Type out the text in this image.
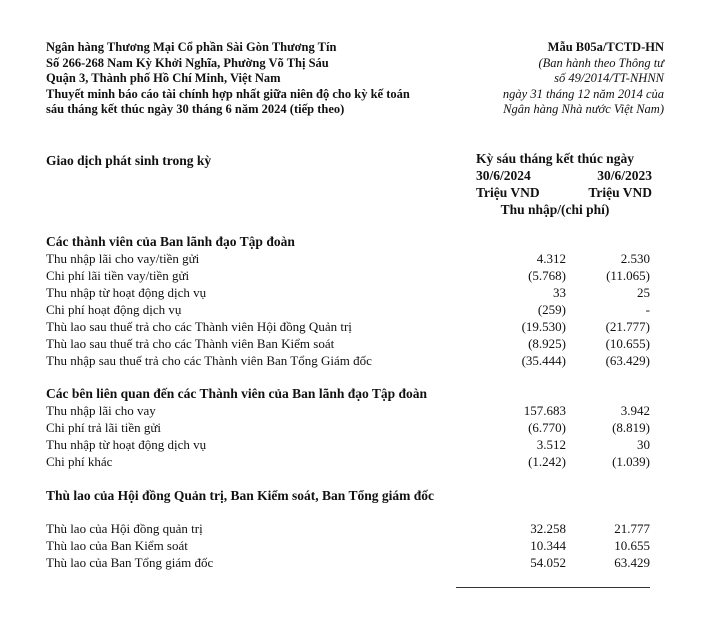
Ngân hàng Thương Mại Cổ phần Sài Gòn Thương Tín
Số 266-268 Nam Kỳ Khởi Nghĩa, Phường Võ Thị Sáu
Quận 3, Thành phố Hồ Chí Minh, Việt Nam
Thuyết minh báo cáo tài chính hợp nhất giữa niên độ cho kỳ kế toán
sáu tháng kết thúc ngày 30 tháng 6 năm 2024 (tiếp theo)
Mẫu B05a/TCTD-HN
(Ban hành theo Thông tư
số 49/2014/TT-NHNN
ngày 31 tháng 12 năm 2014 của
Ngân hàng Nhà nước Việt Nam)
Giao dịch phát sinh trong kỳ	Kỳ sáu tháng kết thúc ngày
30/6/2024	30/6/2023
Triệu VND	Triệu VND
Thu nhập/(chi phí)
Các thành viên của Ban lãnh đạo Tập đoàn
Thu nhập lãi cho vay/tiền gửi	4.312	2.530
Chi phí lãi tiền vay/tiền gửi	(5.768)	(11.065)
Thu nhập từ hoạt động dịch vụ	33	25
Chi phí hoạt động dịch vụ	(259)	-
Thù lao sau thuế trả cho các Thành viên Hội đồng Quản trị	(19.530)	(21.777)
Thù lao sau thuế trả cho các Thành viên Ban Kiểm soát	(8.925)	(10.655)
Thu nhập sau thuế trả cho các Thành viên Ban Tổng Giám đốc	(35.444)	(63.429)
Các bên liên quan đến các Thành viên của Ban lãnh đạo Tập đoàn
Thu nhập lãi cho vay	157.683	3.942
Chi phí trả lãi tiền gửi	(6.770)	(8.819)
Thu nhập từ hoạt động dịch vụ	3.512	30
Chi phí khác	(1.242)	(1.039)
Thù lao của Hội đồng Quản trị, Ban Kiểm soát, Ban Tổng giám đốc
Thù lao của Hội đồng quản trị	32.258	21.777
Thù lao của Ban Kiểm soát	10.344	10.655
Thù lao của Ban Tổng giám đốc	54.052	63.429
